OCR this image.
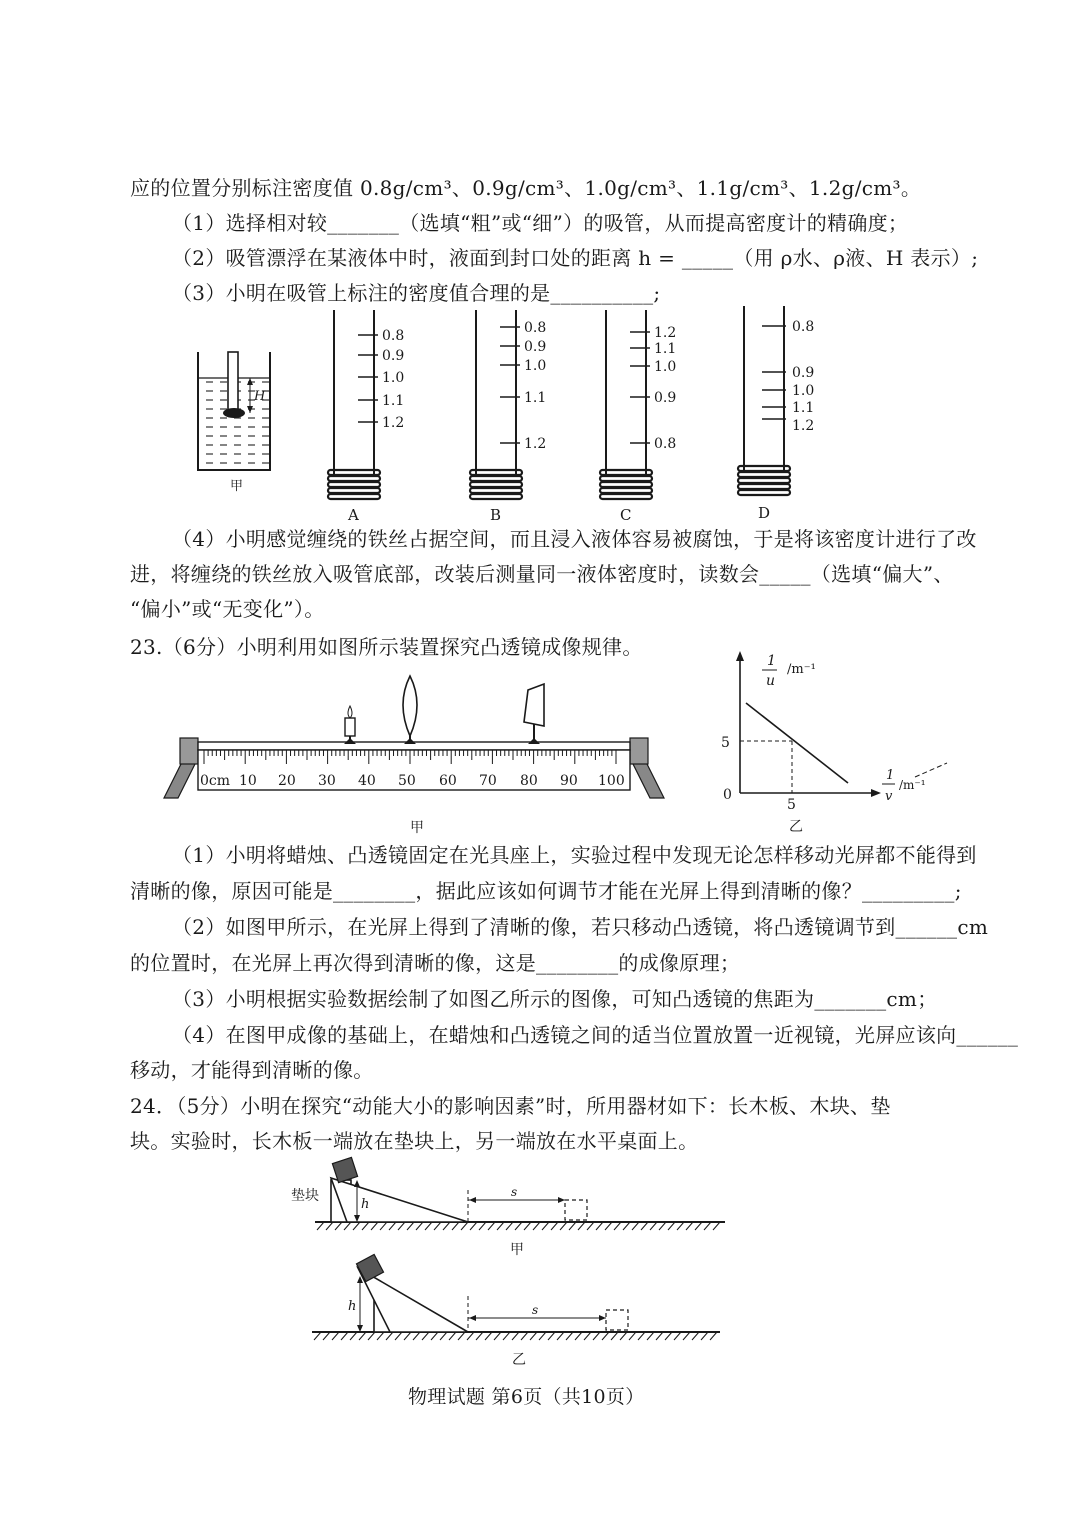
应的位置分别标注密度值 0.8g/cm³、0.9g/cm³、1.0g/cm³、1.1g/cm³、1.2g/cm³。
（1）选择相对较_______（选填“粗”或“细”）的吸管，从而提高密度计的精确度；
（2）吸管漂浮在某液体中时，液面到封口处的距离 h = _____（用 ρ水、ρ液、H 表示）;
（3）小明在吸管上标注的密度值合理的是__________;
H
甲
0.8
0.9
1.0
1.1
1.2
A
0.8
0.9
1.0
1.1
1.2
B
1.2
1.1
1.0
0.9
0.8
C
0.8
0.9
1.0
1.1
1.2
D
（4）小明感觉缠绕的铁丝占据空间，而且浸入液体容易被腐蚀，于是将该密度计进行了改
进，将缠绕的铁丝放入吸管底部，改装后测量同一液体密度时，读数会_____（选填“偏大”、
“偏小”或“无变化”）。
23.（6分）小明利用如图所示装置探究凸透镜成像规律。
0cm 10 20 30 40 50 60 70 80 90 100
甲
1
u
/m⁻¹
1
v
/m⁻¹
5
5
0
乙
（1）小明将蜡烛、凸透镜固定在光具座上，实验过程中发现无论怎样移动光屏都不能得到
清晰的像，原因可能是________，据此应该如何调节才能在光屏上得到清晰的像？_________;
（2）如图甲所示，在光屏上得到了清晰的像，若只移动凸透镜，将凸透镜调节到______cm
的位置时，在光屏上再次得到清晰的像，这是________的成像原理；
（3）小明根据实验数据绘制了如图乙所示的图像，可知凸透镜的焦距为_______cm；
（4）在图甲成像的基础上，在蜡烛和凸透镜之间的适当位置放置一近视镜，光屏应该向______
移动，才能得到清晰的像。
24．（5分）小明在探究“动能大小的影响因素”时，所用器材如下：长木板、木块、垫
块。实验时，长木板一端放在垫块上，另一端放在水平桌面上。
垫块
h
s
甲
h	s
乙
物理试题 第6页（共10页）
